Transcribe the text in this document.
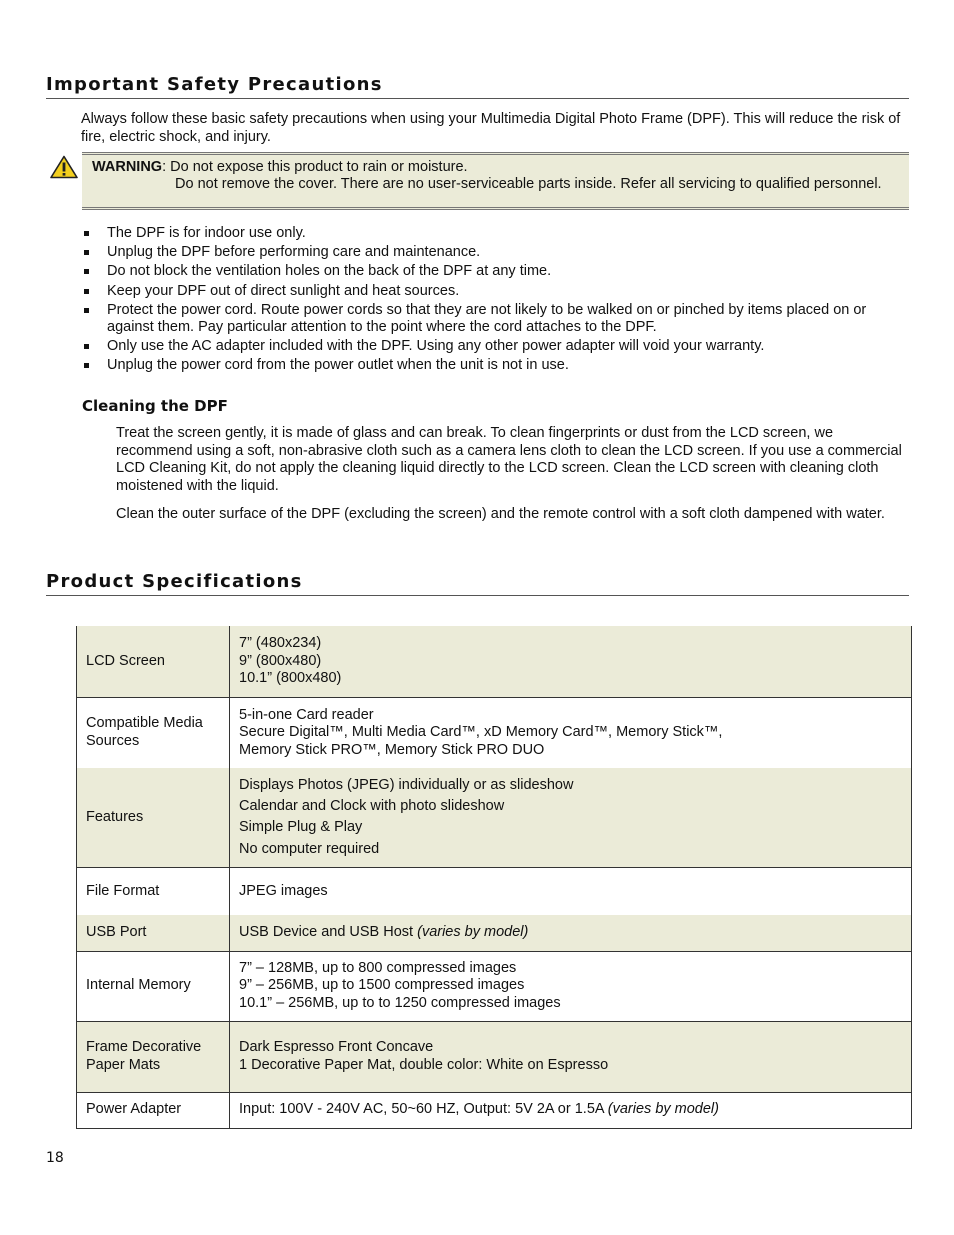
Important Safety Precautions

Always follow these basic safety precautions when using your Multimedia Digital Photo Frame (DPF). This will reduce the risk of fire, electric shock, and injury.

WARNING: Do not expose this product to rain or moisture.
Do not remove the cover. There are no user-serviceable parts inside. Refer all servicing to qualified personnel.
The DPF is for indoor use only.
Unplug the DPF before performing care and maintenance.
Do not block the ventilation holes on the back of the DPF at any time.
Keep your DPF out of direct sunlight and heat sources.
Protect the power cord. Route power cords so that they are not likely to be walked on or pinched by items placed on or against them. Pay particular attention to the point where the cord attaches to the DPF.
Only use the AC adapter included with the DPF. Using any other power adapter will void your warranty.
Unplug the power cord from the power outlet when the unit is not in use.
Cleaning the DPF

Treat the screen gently, it is made of glass and can break. To clean fingerprints or dust from the LCD screen, we recommend using a soft, non-abrasive cloth such as a camera lens cloth to clean the LCD screen. If you use a commercial LCD Cleaning Kit, do not apply the cleaning liquid directly to the LCD screen. Clean the LCD screen with cleaning cloth moistened with the liquid.

Clean the outer surface of the DPF (excluding the screen) and the remote control with a soft cloth dampened with water.

Product Specifications
LCD Screen	7” (480x234)
9” (800x480)
10.1” (800x480)

Compatible Media Sources	5-in-one Card reader
Secure Digital™, Multi Media Card™, xD Memory Card™, Memory Stick™,
Memory Stick PRO™, Memory Stick PRO DUO

Features	Displays Photos (JPEG) individually or as slideshow
Calendar and Clock with photo slideshow
Simple Plug & Play
No computer required

File Format	JPEG images
USB Port	USB Device and USB Host (varies by model)
Internal Memory	7” – 128MB, up to 800 compressed images
9” – 256MB, up to 1500 compressed images
10.1” – 256MB, up to to 1250 compressed images

Frame Decorative Paper Mats	Dark Espresso Front Concave
1 Decorative Paper Mat, double color: White on Espresso

Power Adapter	Input: 100V - 240V AC, 50~60 HZ, Output: 5V 2A or 1.5A (varies by model)
18
